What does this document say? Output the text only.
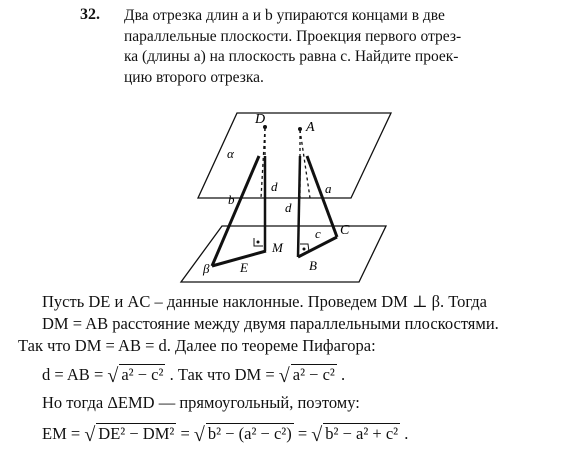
32. Два отрезка длин a и b упираются концами в две
параллельные плоскости. Проекция первого отрез-
ка (длины a) на плоскость равна c. Найдите проек-
цию второго отрезка.
D
A
α
β
b
d
d
a
c
M
E	B
C
Пусть DE и AC – данные наклонные. Проведем DM ⊥ β. Тогда
DM = AB расстояние между двумя параллельными плоскостями.
Так что DM = AB = d. Далее по теореме Пифагора:
d = AB = √ a² − c² . Так что DM = √ a² − c² .
Но тогда ΔEMD — прямоугольный, поэтому:
EM = √ DE² − DM² = √ b² − (a² − c²) = √ b² − a² + c² .
